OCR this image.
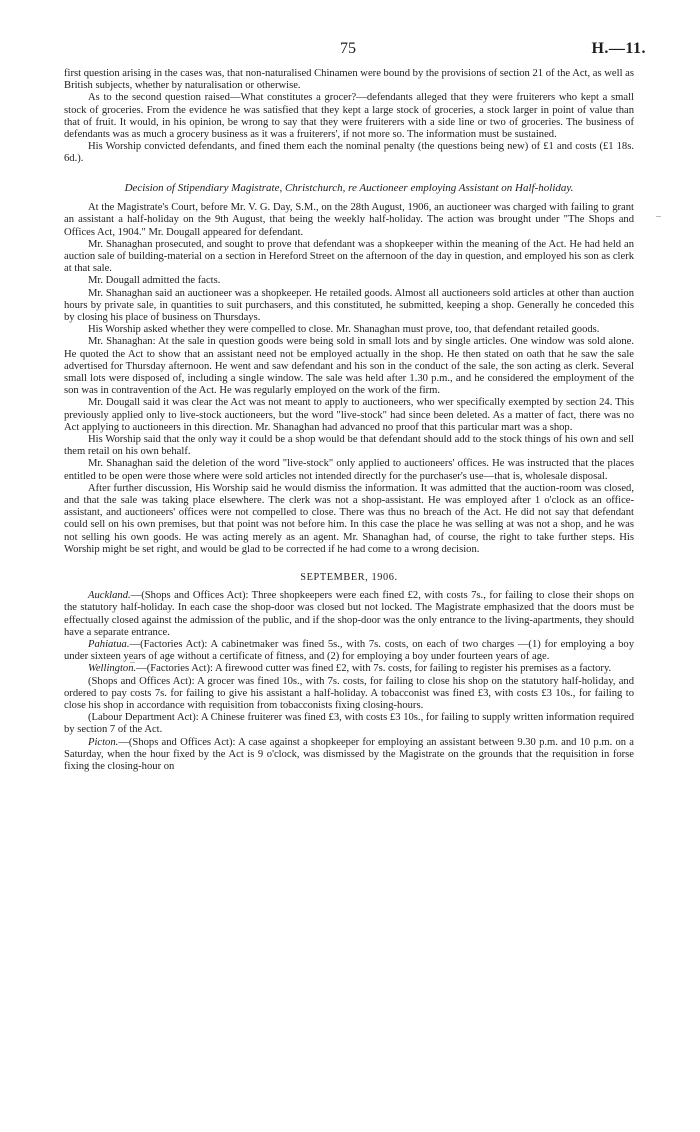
75	H.—11.

first question arising in the cases was, that non-naturalised Chinamen were bound by the provisions of section 21 of the Act, as well as British subjects, whether by naturalisation or otherwise.

As to the second question raised—What constitutes a grocer?—defendants alleged that they were fruiterers who kept a small stock of groceries. From the evidence he was satisfied that they kept a large stock of groceries, a stock larger in point of value than that of fruit. It would, in his opinion, be wrong to say that they were fruiterers with a side line or two of groceries. The business of defendants was as much a grocery business as it was a fruiterers', if not more so. The information must be sustained.

His Worship convicted defendants, and fined them each the nominal penalty (the questions being new) of £1 and costs (£1 18s. 6d.).

Decision of Stipendiary Magistrate, Christchurch, re Auctioneer employing Assistant on Half-holiday.

At the Magistrate's Court, before Mr. V. G. Day, S.M., on the 28th August, 1906, an auctioneer was charged with failing to grant an assistant a half-holiday on the 9th August, that being the weekly half-holiday. The action was brought under "The Shops and Offices Act, 1904." Mr. Dougall appeared for defendant.

Mr. Shanaghan prosecuted, and sought to prove that defendant was a shopkeeper within the meaning of the Act. He had held an auction sale of building-material on a section in Hereford Street on the afternoon of the day in question, and employed his son as clerk at that sale.

Mr. Dougall admitted the facts.

Mr. Shanaghan said an auctioneer was a shopkeeper. He retailed goods. Almost all auctioneers sold articles at other than auction hours by private sale, in quantities to suit purchasers, and this constituted, he submitted, keeping a shop. Generally he conceded this by closing his place of business on Thursdays.

His Worship asked whether they were compelled to close. Mr. Shanaghan must prove, too, that defendant retailed goods.

Mr. Shanaghan: At the sale in question goods were being sold in small lots and by single articles. One window was sold alone. He quoted the Act to show that an assistant need not be employed actually in the shop. He then stated on oath that he saw the sale advertised for Thursday afternoon. He went and saw defendant and his son in the conduct of the sale, the son acting as clerk. Several small lots were disposed of, including a single window. The sale was held after 1.30 p.m., and he considered the employment of the son was in contravention of the Act. He was regularly employed on the work of the firm.

Mr. Dougall said it was clear the Act was not meant to apply to auctioneers, who wer specifically exempted by section 24. This previously applied only to live-stock auctioneers, but the word "live-stock" had since been deleted. As a matter of fact, there was no Act applying to auctioneers in this direction. Mr. Shanaghan had advanced no proof that this particular mart was a shop.

His Worship said that the only way it could be a shop would be that defendant should add to the stock things of his own and sell them retail on his own behalf.

Mr. Shanaghan said the deletion of the word "live-stock" only applied to auctioneers' offices. He was instructed that the places entitled to be open were those where were sold articles not intended directly for the purchaser's use—that is, wholesale disposal.

After further discussion, His Worship said he would dismiss the information. It was admitted that the auction-room was closed, and that the sale was taking place elsewhere. The clerk was not a shop-assistant. He was employed after 1 o'clock as an office-assistant, and auctioneers' offices were not compelled to close. There was thus no breach of the Act. He did not say that defendant could sell on his own premises, but that point was not before him. In this case the place he was selling at was not a shop, and he was not selling his own goods. He was acting merely as an agent. Mr. Shanaghan had, of course, the right to take further steps. His Worship might be set right, and would be glad to be corrected if he had come to a wrong decision.

SEPTEMBER, 1906.

Auckland.—(Shops and Offices Act): Three shopkeepers were each fined £2, with costs 7s., for failing to close their shops on the statutory half-holiday. In each case the shop-door was closed but not locked. The Magistrate emphasized that the doors must be effectually closed against the admission of the public, and if the shop-door was the only entrance to the living-apartments, they should have a separate entrance.

Pahiatua.—(Factories Act): A cabinetmaker was fined 5s., with 7s. costs, on each of two charges —(1) for employing a boy under sixteen years of age without a certificate of fitness, and (2) for employing a boy under fourteen years of age.

Wellington.—(Factories Act): A firewood cutter was fined £2, with 7s. costs, for failing to register his premises as a factory.

(Shops and Offices Act): A grocer was fined 10s., with 7s. costs, for failing to close his shop on the statutory half-holiday, and ordered to pay costs 7s. for failing to give his assistant a half-holiday. A tobacconist was fined £3, with costs £3 10s., for failing to close his shop in accordance with requisition from tobacconists fixing closing-hours.

(Labour Department Act): A Chinese fruiterer was fined £3, with costs £3 10s., for failing to supply written information required by section 7 of the Act.

Picton.—(Shops and Offices Act): A case against a shopkeeper for employing an assistant between 9.30 p.m. and 10 p.m. on a Saturday, when the hour fixed by the Act is 9 o'clock, was dismissed by the Magistrate on the grounds that the requisition in forse fixing the closing-hour on
